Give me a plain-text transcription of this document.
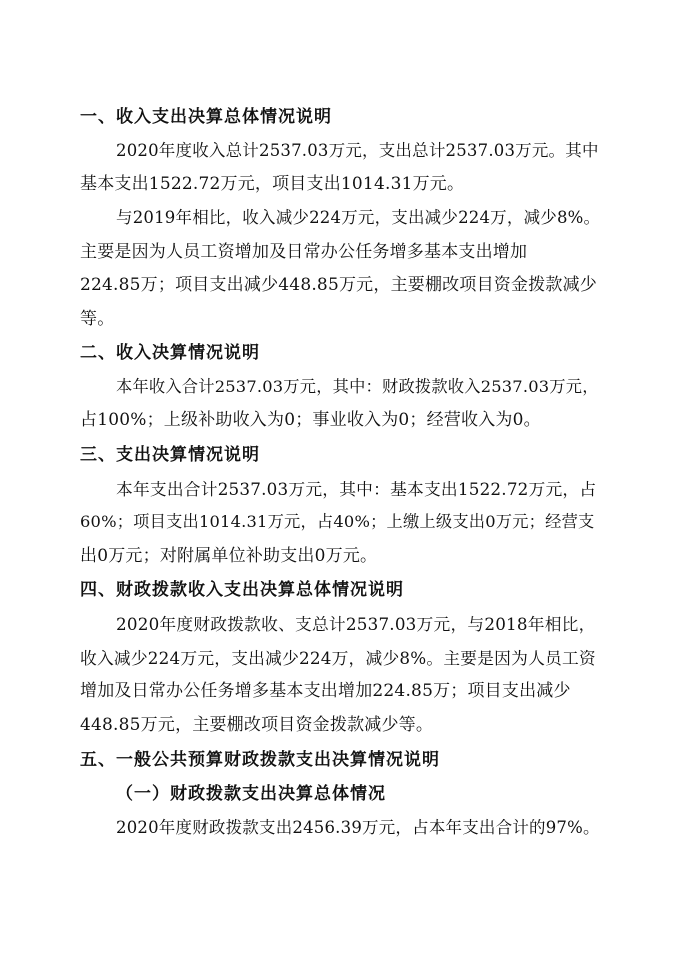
一、收入支出决算总体情况说明
2020年度收入总计2537.03万元，支出总计2537.03万元。其中
基本支出1522.72万元，项目支出1014.31万元。
与2019年相比，收入减少224万元，支出减少224万，减少8%。
主要是因为人员工资增加及日常办公任务增多基本支出增加
224.85万；项目支出减少448.85万元，主要棚改项目资金拨款减少
等。
二、收入决算情况说明
本年收入合计2537.03万元，其中：财政拨款收入2537.03万元，
占100%；上级补助收入为0；事业收入为0；经营收入为0。
三、支出决算情况说明
本年支出合计2537.03万元，其中：基本支出1522.72万元，占
60%；项目支出1014.31万元，占40%；上缴上级支出0万元；经营支
出0万元；对附属单位补助支出0万元。
四、财政拨款收入支出决算总体情况说明
2020年度财政拨款收、支总计2537.03万元，与2018年相比，
收入减少224万元，支出减少224万，减少8%。主要是因为人员工资
增加及日常办公任务增多基本支出增加224.85万；项目支出减少
448.85万元，主要棚改项目资金拨款减少等。
五、一般公共预算财政拨款支出决算情况说明
（一）财政拨款支出决算总体情况
2020年度财政拨款支出2456.39万元，占本年支出合计的97%。
